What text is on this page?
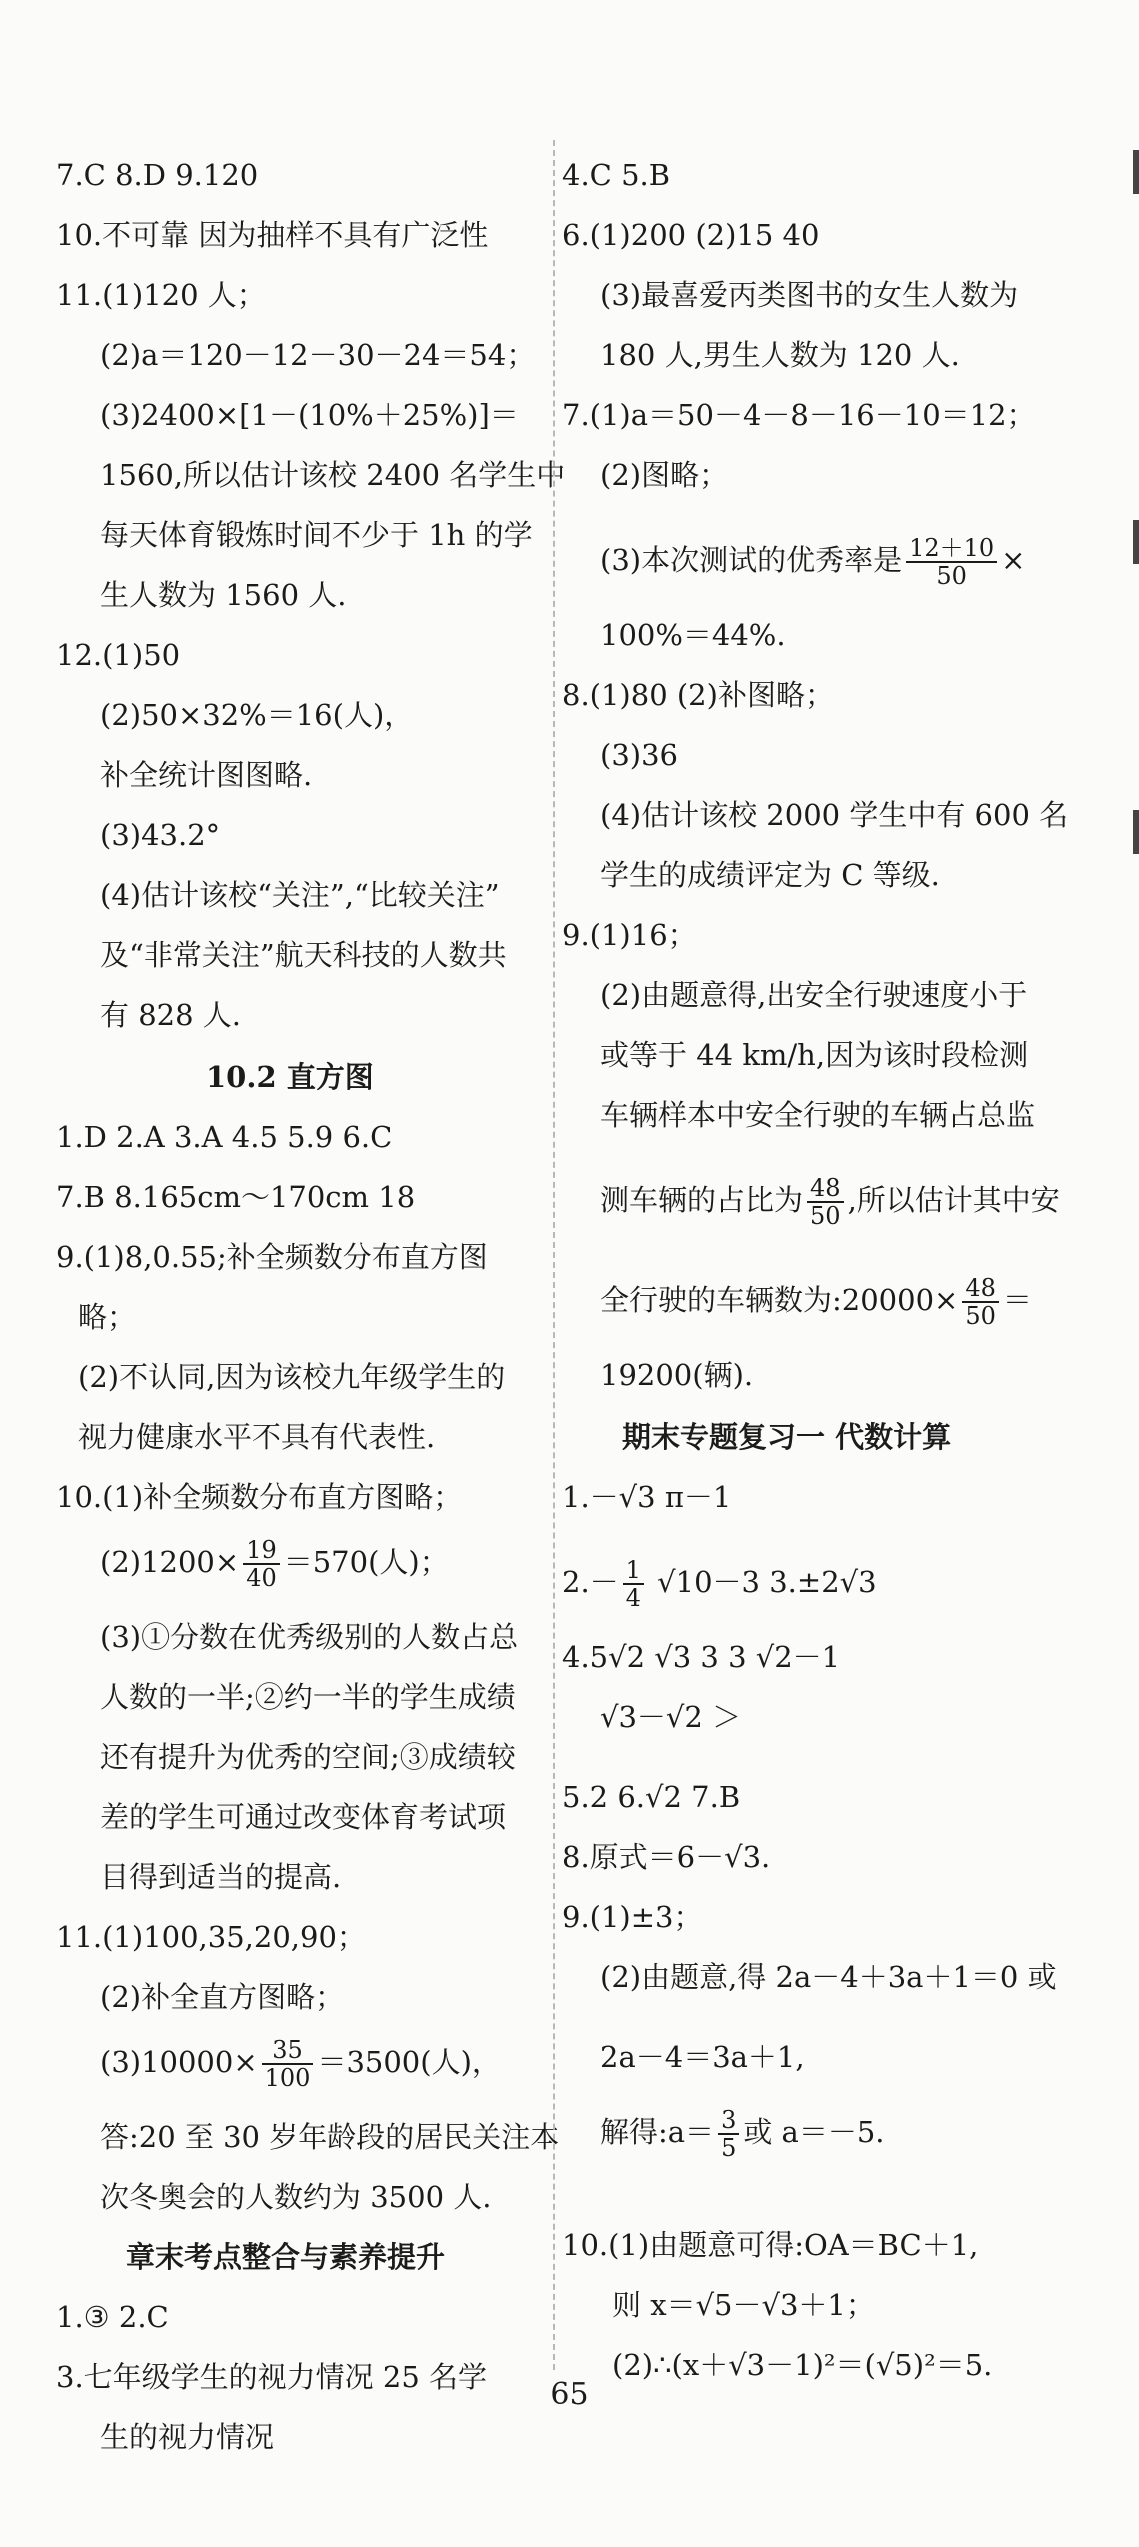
7.C 8.D 9.120
10.不可靠 因为抽样不具有广泛性
11.(1)120 人；
(2)a＝120－12－30－24＝54；
(3)2400×[1－(10%＋25%)]＝
1560,所以估计该校 2400 名学生中
每天体育锻炼时间不少于 1h 的学
生人数为 1560 人.
12.(1)50
(2)50×32%＝16(人)，
补全统计图图略.
(3)43.2°
(4)估计该校“关注”,“比较关注”
及“非常关注”航天科技的人数共
有 828 人.
10.2 直方图
1.D 2.A 3.A 4.5 5.9 6.C
7.B 8.165cm～170cm 18
9.(1)8,0.55;补全频数分布直方图
略；
(2)不认同,因为该校九年级学生的
视力健康水平不具有代表性.
10.(1)补全频数分布直方图略；
$(2)1200\times \frac{19}{40} =570$(人)；
(3)①分数在优秀级别的人数占总
人数的一半;②约一半的学生成绩
还有提升为优秀的空间;③成绩较
差的学生可通过改变体育考试项
目得到适当的提高.
11.(1)100,35,20,90；
(2)补全直方图略；
$(3)10000\times \frac{35}{100} =3500$(人)，
答:20 至 30 岁年龄段的居民关注本
次冬奥会的人数约为 3500 人.
章末考点整合与素养提升
1.③ 2.C
3.七年级学生的视力情况 25 名学
生的视力情况
4.C 5.B
6.(1)200 (2)15 40
(3)最喜爱丙类图书的女生人数为
180 人,男生人数为 120 人.
7.(1)a＝50－4－8－16－10＝12；
(2)图略；
(3)本次测试的优秀率是 $\frac{12+10}{50}$ ×
100%＝44%.
8.(1)80 (2)补图略；
(3)36
(4)估计该校 2000 学生中有 600 名
学生的成绩评定为 C 等级.
9.(1)16；
(2)由题意得,出安全行驶速度小于
或等于 44 km/h,因为该时段检测
车辆样本中安全行驶的车辆占总监
测车辆的占比为 $\frac{48}{50}$ ,所以估计其中安
全行驶的车辆数为:20000× $\frac{48}{50}$ ＝
19200(辆).
期末专题复习一 代数计算
1.－√3 π－1
$2.- \frac{1}{4} √10-3$ 3.±2√3
4.5√2 √3 3 3 √2－1
√3－√2 ＞
5.2 6.√2 7.B
8.原式＝6－√3.
9.(1)±3；
(2)由题意,得 2a－4＋3a＋1＝0 或
2a－4＝3a＋1,
解得:a＝ $\frac{3}{5}$ 或 a＝－5.
10.(1)由题意可得:OA＝BC＋1,
则 x＝√5－√3＋1；
(2)∴(x＋√3－1)²＝(√5)²＝5.
65
